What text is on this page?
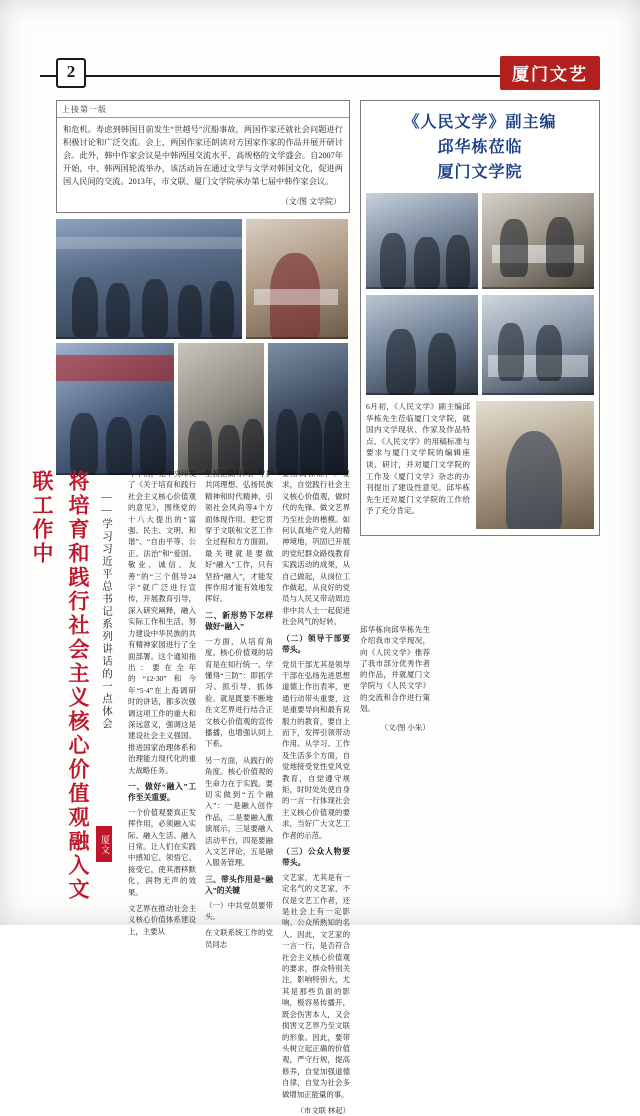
2	厦门文艺
上接第一版
和危机。寿虑到韩国目前发生“世越号”沉船事故，两国作家还就社会问题进行积极讨论和广泛交流。会上，两国作家还朗读对方国家作家的作品并展开研讨会。此外，韩中作家会议是中韩两国交流水平、高规格的文学盛会。自2007年开始，中、韩两国轮流举办，该活动旨在通过文学与文学对韩国文化，促进两国人民间的交流。2013年，市文联、厦门文学院承办第七届中韩作家会议。
（文/图 文学院）
将培育和践行社会主义核心价值观融入文联工作中	——学习习近平总书记系列讲话的一点体会
厦文

今年初，党中央印发了《关于培育和践行社会主义核心价值观的意见》，围绕党的十八大提出的“富强、民主、文明、和谐”、“自由平等、公正、法治”和“爱国、敬业、诚信、友善”的“三个倡导24字”就广泛进行宣传，开展教育引导，深入研究阐释，融入实际工作和生活，努力建设中华民族的共有精神家园进行了全面部署。这个通知指出：要在全年的“12·30”和今年“5·4”在上海调研时的讲话，都多次强调这项工作的重大和深远意义，强调这是建设社会主义强国、推进国家治理体系和治理能力现代化的重大战略任务。

一、做好“融入”工作至关重要。

一个价值观要真正发挥作用，必须融入实际、融入生活、融入日常。让人们在实践中感知它、领悟它、接受它，使其潜移默化，润物无声的效果。

文艺界在推动社会主义核心价值体系建设上，主要从

坚持正确导向、守护共同理想、弘扬民族精神和时代精神、引领社会风尚等4个方面体现作用。把它贯穿于文联和文艺工作全过程和方方面面。最关键就是要做好“融入”工作，只有坚持“融入”，才能发挥作用才能有效地发挥好。

二、新形势下怎样做好“融入”

一方面，从培育角度。核心价值观的培育是在知行统一、学懂得“三防”：即抓学习、抓引导、抓体验、就是既要不断地在文艺界进行结合正文核心价值观的宣传播播，也增强认同上下系。

另一方面，从践行的角度。核心价值观的生命力在于实践。要切实做到“五个融入”：一是融入创作作品，二是要融入激演展示，三是要融入活动平台，四是要融入文艺评论，五是融入服务管理。

三、带头作用是“融入”的关键

（一）中共党员要带头。

在文联系统工作的党员同志

要出高标准，严要求，自觉践行社会主义核心价值观，做时代的先锋。做文艺界乃至社会的楷模。如何认真地产党人的精神境地，巩固已开展的党纪群众路线教育实践活动的成果，从自己做起，从岗位工作做起，从良好的党员与人民又带动周边非中共人士一起促进社会风气的好转。

（二）领导干部要带头。

党员干部尤其是领导干部在弘扬先进思想道德上作出表率，更通行动带头重要，这是重要导向和最有说服力的教育，要自上而下，发挥引领带动作用。从学习、工作及生活多个方面，自觉地接受党性党风党教育，自觉遵守规矩，时时处处使自身的一言一行体现社会主义核心价值观的要求，当好广大文艺工作者的示范。

（三）公众人物要带头。

文艺家，尤其是有一定名气的文艺家，不仅是文艺工作者，还是社会上有一定影响、公众所熟知的名人。因此，文艺家的一言一行，是否符合社会主义核心价值观的要求，群众特别关注，影响特别大，尤其是那些负面的影响，极容易传播开，既会伤害本人，又会损害文艺界乃至文联的形象。因此，要带头树立起正确的价值观，严守行规，提高修养，自觉加强道德自律，自觉为社会多做增加正能量的事。

（市文联 林起）

《人民文学》副主编
邱华栋莅临
厦门文学院
6月初，《人民文学》副主编邱华栋先生莅临厦门文学院，就国内文学现状、作家及作品特点、《人民文学》的用稿标准与要求与厦门文学院的编辑座谈、研讨，并对厦门文学院的工作及《厦门文学》杂志的办刊提出了建设性意见。邱华栋先生还对厦门文学院的工作给予了充分肯定。

邱华栋向邱华栋先生介绍我市文学现况，向《人民文学》推荐了我市部分优秀作者的作品，并就厦门文学院与《人民文学》的交流和合作进行策划。

（文/图 小朱）
